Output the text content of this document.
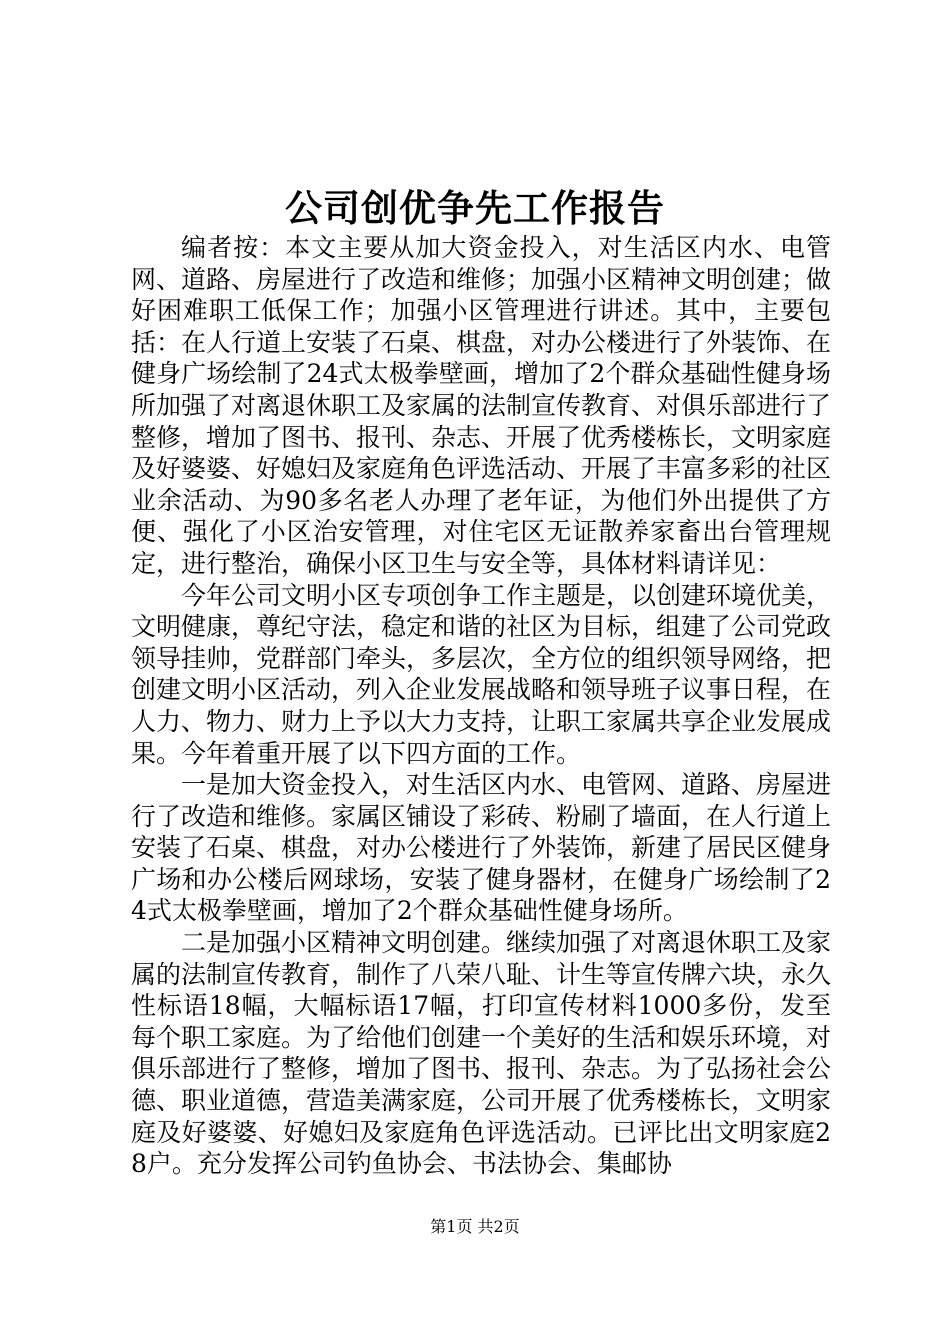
公司创优争先工作报告

编者按：本文主要从加大资金投入，对生活区内水、电管网、道路、房屋进行了改造和维修；加强小区精神文明创建；做好困难职工低保工作；加强小区管理进行讲述。其中，主要包括：在人行道上安装了石桌、棋盘，对办公楼进行了外装饰、在健身广场绘制了24式太极拳壁画，增加了2个群众基础性健身场所加强了对离退休职工及家属的法制宣传教育、对俱乐部进行了整修，增加了图书、报刊、杂志、开展了优秀楼栋长，文明家庭及好婆婆、好媳妇及家庭角色评选活动、开展了丰富多彩的社区业余活动、为90多名老人办理了老年证，为他们外出提供了方便、强化了小区治安管理，对住宅区无证散养家畜出台管理规定，进行整治，确保小区卫生与安全等，具体材料请详见：

今年公司文明小区专项创争工作主题是，以创建环境优美，文明健康，尊纪守法，稳定和谐的社区为目标，组建了公司党政领导挂帅，党群部门牵头，多层次，全方位的组织领导网络，把创建文明小区活动，列入企业发展战略和领导班子议事日程，在人力、物力、财力上予以大力支持，让职工家属共享企业发展成果。今年着重开展了以下四方面的工作。

一是加大资金投入，对生活区内水、电管网、道路、房屋进行了改造和维修。家属区铺设了彩砖、粉刷了墙面，在人行道上安装了石桌、棋盘，对办公楼进行了外装饰，新建了居民区健身广场和办公楼后网球场，安装了健身器材，在健身广场绘制了24式太极拳壁画，增加了2个群众基础性健身场所。

二是加强小区精神文明创建。继续加强了对离退休职工及家属的法制宣传教育，制作了八荣八耻、计生等宣传牌六块，永久性标语18幅，大幅标语17幅，打印宣传材料1000多份，发至每个职工家庭。为了给他们创建一个美好的生活和娱乐环境，对俱乐部进行了整修，增加了图书、报刊、杂志。为了弘扬社会公德、职业道德，营造美满家庭，公司开展了优秀楼栋长，文明家庭及好婆婆、好媳妇及家庭角色评选活动。已评比出文明家庭28户。充分发挥公司钓鱼协会、书法协会、集邮协

第1页 共2页
